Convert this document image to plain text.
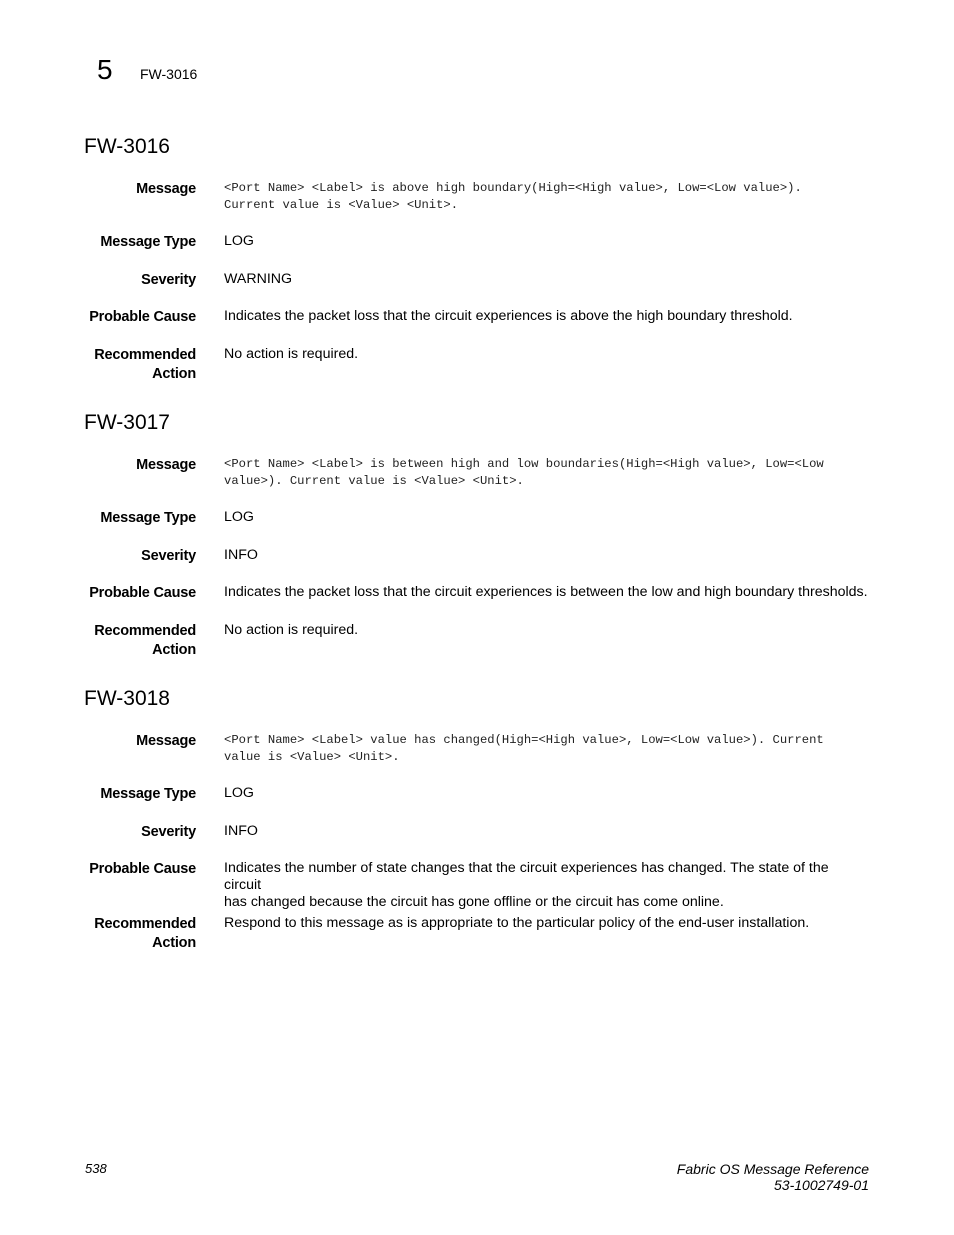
5 FW-3016
FW-3016
Message <Port Name> <Label> is above high boundary(High=<High value>, Low=<Low value>).
Current value is <Value> <Unit>.
Message Type LOG
Severity WARNING
Probable Cause Indicates the packet loss that the circuit experiences is above the high boundary threshold.
Recommended
Action
No action is required.
FW-3017
Message <Port Name> <Label> is between high and low boundaries(High=<High value>, Low=<Low
value>). Current value is <Value> <Unit>.
Message Type LOG
Severity INFO
Probable Cause Indicates the packet loss that the circuit experiences is between the low and high boundary thresholds.
Recommended
Action
No action is required.
FW-3018
Message <Port Name> <Label> value has changed(High=<High value>, Low=<Low value>). Current
value is <Value> <Unit>.
Message Type LOG
Severity INFO
Probable Cause Indicates the number of state changes that the circuit experiences has changed. The state of the circuit
has changed because the circuit has gone offline or the circuit has come online.
Recommended
Action
Respond to this message as is appropriate to the particular policy of the end-user installation.
538	Fabric OS Message Reference
53-1002749-01
